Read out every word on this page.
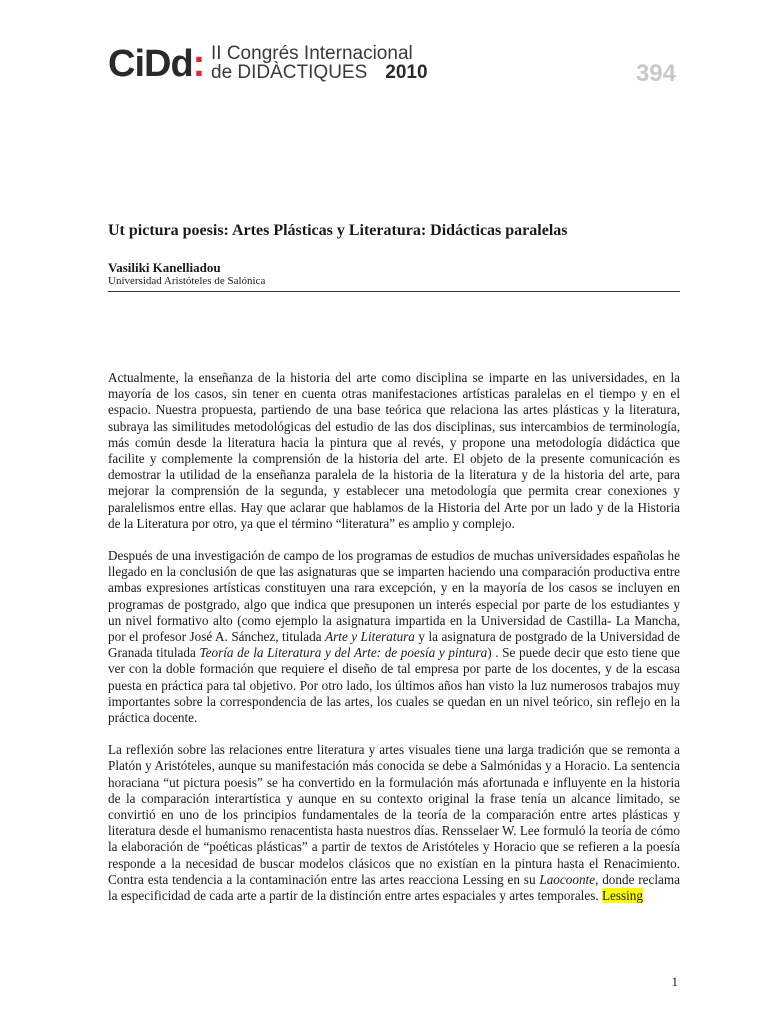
CiDd: II Congrés Internacional
de DIDÀCTIQUES 2010	394
Ut pictura poesis: Artes Plásticas y Literatura: Didácticas paralelas
Vasiliki Kanelliadou
Universidad Aristóteles de Salónica

Actualmente, la enseñanza de la historia del arte como disciplina se imparte en las universidades, en la mayoría de los casos, sin tener en cuenta otras manifestaciones artísticas paralelas en el tiempo y en el espacio. Nuestra propuesta, partiendo de una base teórica que relaciona las artes plásticas y la literatura, subraya las similitudes metodológicas del estudio de las dos disciplinas, sus intercambios de terminología, más común desde la literatura hacia la pintura que al revés, y propone una metodología didáctica que facilite y complemente la comprensión de la historia del arte. El objeto de la presente comunicación es demostrar la utilidad de la enseñanza paralela de la historia de la literatura y de la historia del arte, para mejorar la comprensión de la segunda, y establecer una metodología que permita crear conexiones y paralelismos entre ellas. Hay que aclarar que hablamos de la Historia del Arte por un lado y de la Historia de la Literatura por otro, ya que el término “literatura” es amplio y complejo.

Después de una investigación de campo de los programas de estudios de muchas universidades españolas he llegado en la conclusión de que las asignaturas que se imparten haciendo una comparación productiva entre ambas expresiones artísticas constituyen una rara excepción, y en la mayoría de los casos se incluyen en programas de postgrado, algo que indica que presuponen un interés especial por parte de los estudiantes y un nivel formativo alto (como ejemplo la asignatura impartida en la Universidad de Castilla- La Mancha, por el profesor José A. Sánchez, titulada Arte y Literatura y la asignatura de postgrado de la Universidad de Granada titulada Teoría de la Literatura y del Arte: de poesía y pintura) . Se puede decir que esto tiene que ver con la doble formación que requiere el diseño de tal empresa por parte de los docentes, y de la escasa puesta en práctica para tal objetivo. Por otro lado, los últimos años han visto la luz numerosos trabajos muy importantes sobre la correspondencia de las artes, los cuales se quedan en un nivel teórico, sin reflejo en la práctica docente.

La reflexión sobre las relaciones entre literatura y artes visuales tiene una larga tradición que se remonta a Platón y Aristóteles, aunque su manifestación más conocida se debe a Salmónidas y a Horacio. La sentencia horaciana “ut pictura poesis” se ha convertido en la formulación más afortunada e influyente en la historia de la comparación interartística y aunque en su contexto original la frase tenía un alcance limitado, se convirtió en uno de los principios fundamentales de la teoría de la comparación entre artes plásticas y literatura desde el humanismo renacentista hasta nuestros días. Rensselaer W. Lee formuló la teoría de cómo la elaboración de “poéticas plásticas” a partir de textos de Aristóteles y Horacio que se refieren a la poesía responde a la necesidad de buscar modelos clásicos que no existían en la pintura hasta el Renacimiento. Contra esta tendencia a la contaminación entre las artes reacciona Lessing en su Laocoonte, donde reclama la especificidad de cada arte a partir de la distinción entre artes espaciales y artes temporales. Lessing

1
